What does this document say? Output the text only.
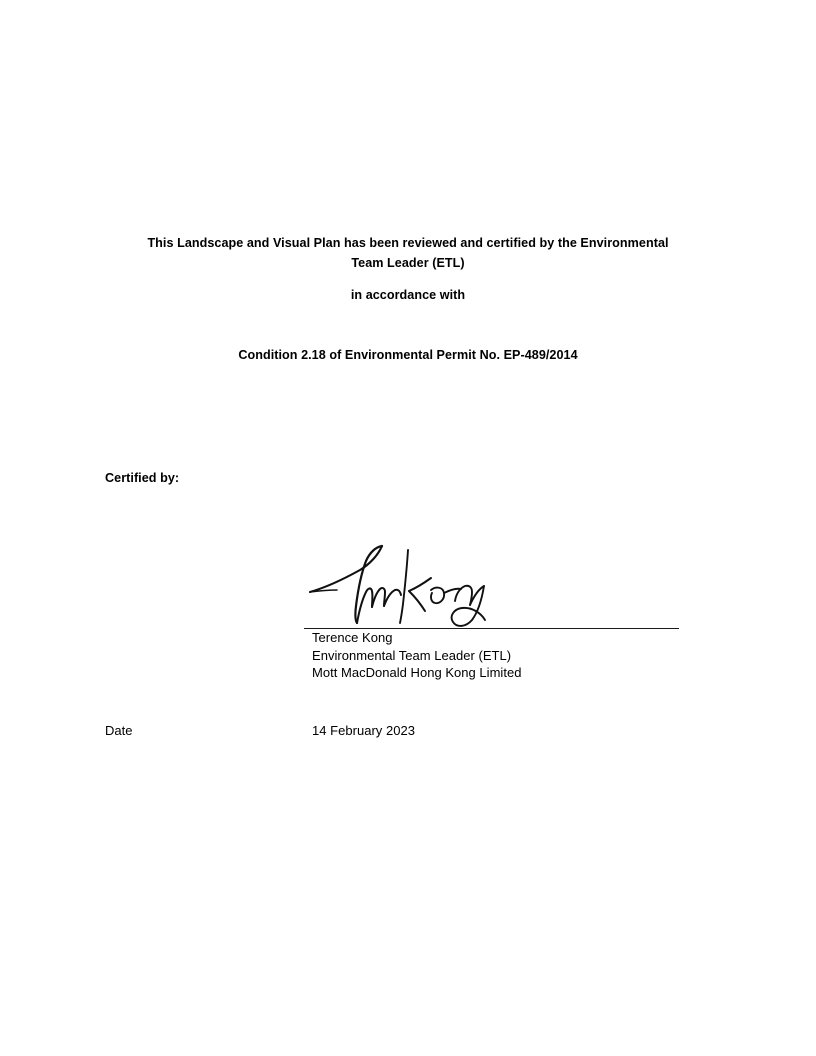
This Landscape and Visual Plan has been reviewed and certified by the Environmental Team Leader (ETL)
in accordance with
Condition 2.18 of Environmental Permit No. EP-489/2014
Certified by:
Terence Kong
Environmental Team Leader (ETL)
Mott MacDonald Hong Kong Limited
Date	14 February 2023
